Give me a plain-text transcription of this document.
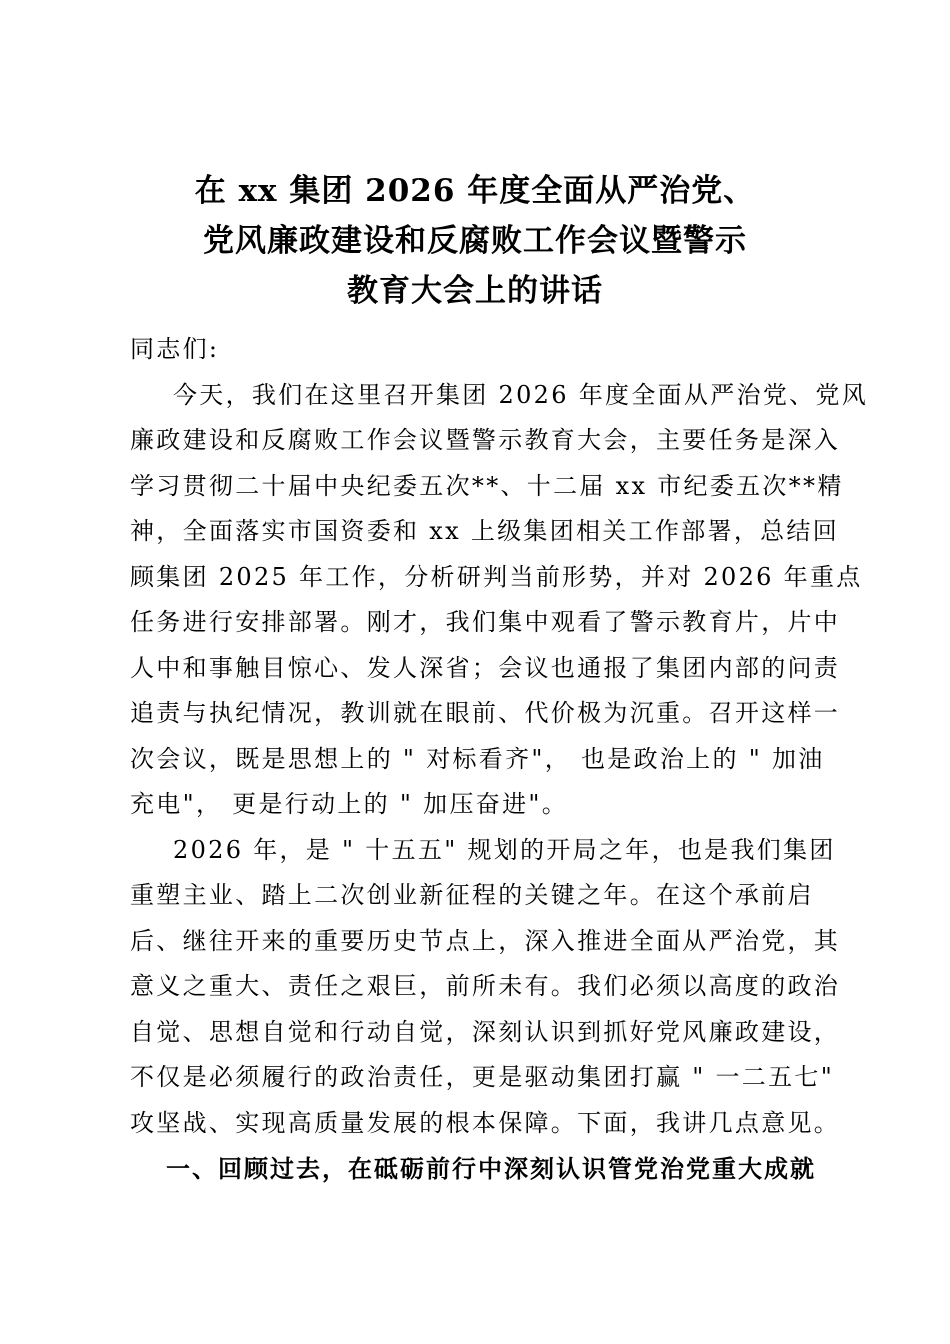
在 xx 集团 2026 年度全面从严治党、
党风廉政建设和反腐败工作会议暨警示
教育大会上的讲话
同志们:
今天，我们在这里召开集团 2026 年度全面从严治党、党风
廉政建设和反腐败工作会议暨警示教育大会，主要任务是深入
学习贯彻二十届中央纪委五次**、十二届 xx 市纪委五次**精
神，全面落实市国资委和 xx 上级集团相关工作部署，总结回
顾集团 2025 年工作，分析研判当前形势，并对 2026 年重点
任务进行安排部署。刚才，我们集中观看了警示教育片，片中
人中和事触目惊心、发人深省；会议也通报了集团内部的问责
追责与执纪情况，教训就在眼前、代价极为沉重。召开这样一
次会议，既是思想上的 " 对标看齐"， 也是政治上的 " 加油
充电"， 更是行动上的 " 加压奋进"。
2026 年，是 " 十五五" 规划的开局之年，也是我们集团
重塑主业、踏上二次创业新征程的关键之年。在这个承前启
后、继往开来的重要历史节点上，深入推进全面从严治党，其
意义之重大、责任之艰巨，前所未有。我们必须以高度的政治
自觉、思想自觉和行动自觉，深刻认识到抓好党风廉政建设，
不仅是必须履行的政治责任，更是驱动集团打赢 " 一二五七"
攻坚战、实现高质量发展的根本保障。下面，我讲几点意见。
一、回顾过去，在砥砺前行中深刻认识管党治党重大成就
